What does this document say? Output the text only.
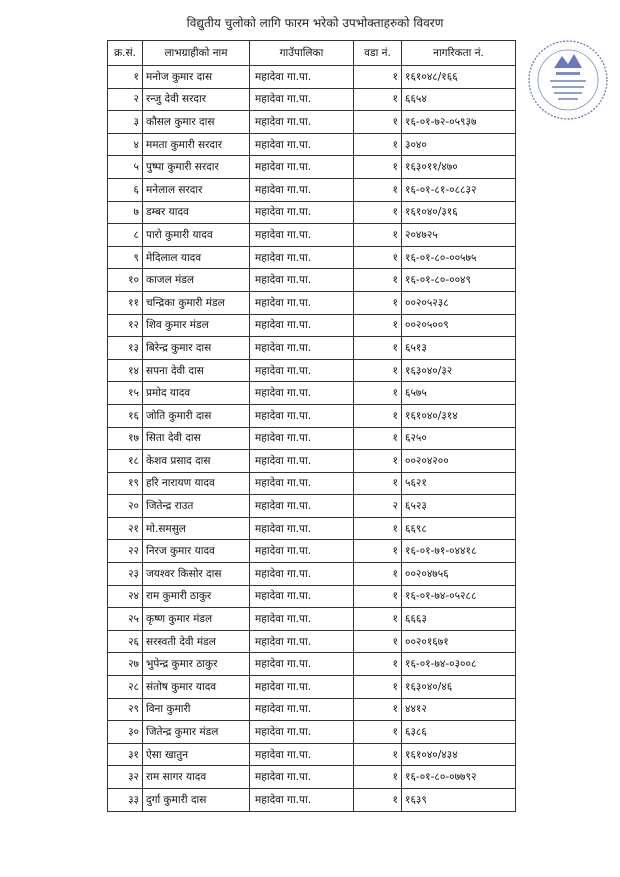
विद्युतीय चुलोको लागि फारम भरेको उपभोक्ताहरुको विवरण
क्र.सं.	लाभग्राहीको नाम	गाउँपालिका	वडा नं.	नागरिकता नं.
१	मनोज कुमार दास	महादेवा गा.पा.	१	१६१०४८/१६६
२	रन्जु देवी सरदार	महादेवा गा.पा.	१	६६५४
३	कौसल कुमार दास	महादेवा गा.पा.	१	१६-०१-७२-०५९३७
४	ममता कुमारी सरदार	महादेवा गा.पा.	१	३०४०
५	पुष्पा कुमारी सरदार	महादेवा गा.पा.	१	१६३०११/४७०
६	मनेलाल सरदार	महादेवा गा.पा.	१	१६-०१-८१-०८८३२
७	डम्बर यादव	महादेवा गा.पा.	१	१६१०४०/३१६
८	पारो कुमारी यादव	महादेवा गा.पा.	१	२०४७२५
९	मेदिलाल यादव	महादेवा गा.पा.	१	१६-०१-८०-००५७५
१०	काजल मंडल	महादेवा गा.पा.	१	१६-०१-८०-००४९
११	चन्द्रिका कुमारी मंडल	महादेवा गा.पा.	१	००२०५२३८
१२	शिव कुमार मंडल	महादेवा गा.पा.	१	००२०५००९
१३	बिरेन्द्र कुमार दास	महादेवा गा.पा.	१	६५१३
१४	सपना देवी दास	महादेवा गा.पा.	१	१६३०४०/३२
१५	प्रमोद यादव	महादेवा गा.पा.	१	६५७५
१६	जोति कुमारी दास	महादेवा गा.पा.	१	१६१०४०/३१४
१७	सिता देवी दास	महादेवा गा.पा.	१	६२५०
१८	केशव प्रसाद दास	महादेवा गा.पा.	१	००२०४२००
१९	हरि नारायण यादव	महादेवा गा.पा.	१	५६२१
२०	जितेन्द्र राउत	महादेवा गा.पा.	२	६५२३
२१	मो.समसुल	महादेवा गा.पा.	१	६६९८
२२	निरज कुमार यादव	महादेवा गा.पा.	१	१६-०१-७१-०४४१८
२३	जयश्वर किसोर दास	महादेवा गा.पा.	१	००२०४७५६
२४	राम कुमारी ठाकुर	महादेवा गा.पा.	१	१६-०१-७४-०५२८८
२५	कृष्ण कुमार मंडल	महादेवा गा.पा.	१	६६६३
२६	सरस्वती देवी मंडल	महादेवा गा.पा.	१	००२०१६७१
२७	भुपेन्द्र कुमार ठाकुर	महादेवा गा.पा.	१	१६-०१-७४-०३००८
२८	संतोष कुमार यादव	महादेवा गा.पा.	१	१६३०४०/४६
२९	विना कुमारी	महादेवा गा.पा.	१	४४१२
३०	जितेन्द्र कुमार मंडल	महादेवा गा.पा.	१	६३८६
३१	ऐसा खातुन	महादेवा गा.पा.	१	१६१०४०/४३४
३२	राम सागर यादव	महादेवा गा.पा.	१	१६-०१-८०-०७७९२
३३	दुर्गा कुमारी दास	महादेवा गा.पा.	१	१६३९
